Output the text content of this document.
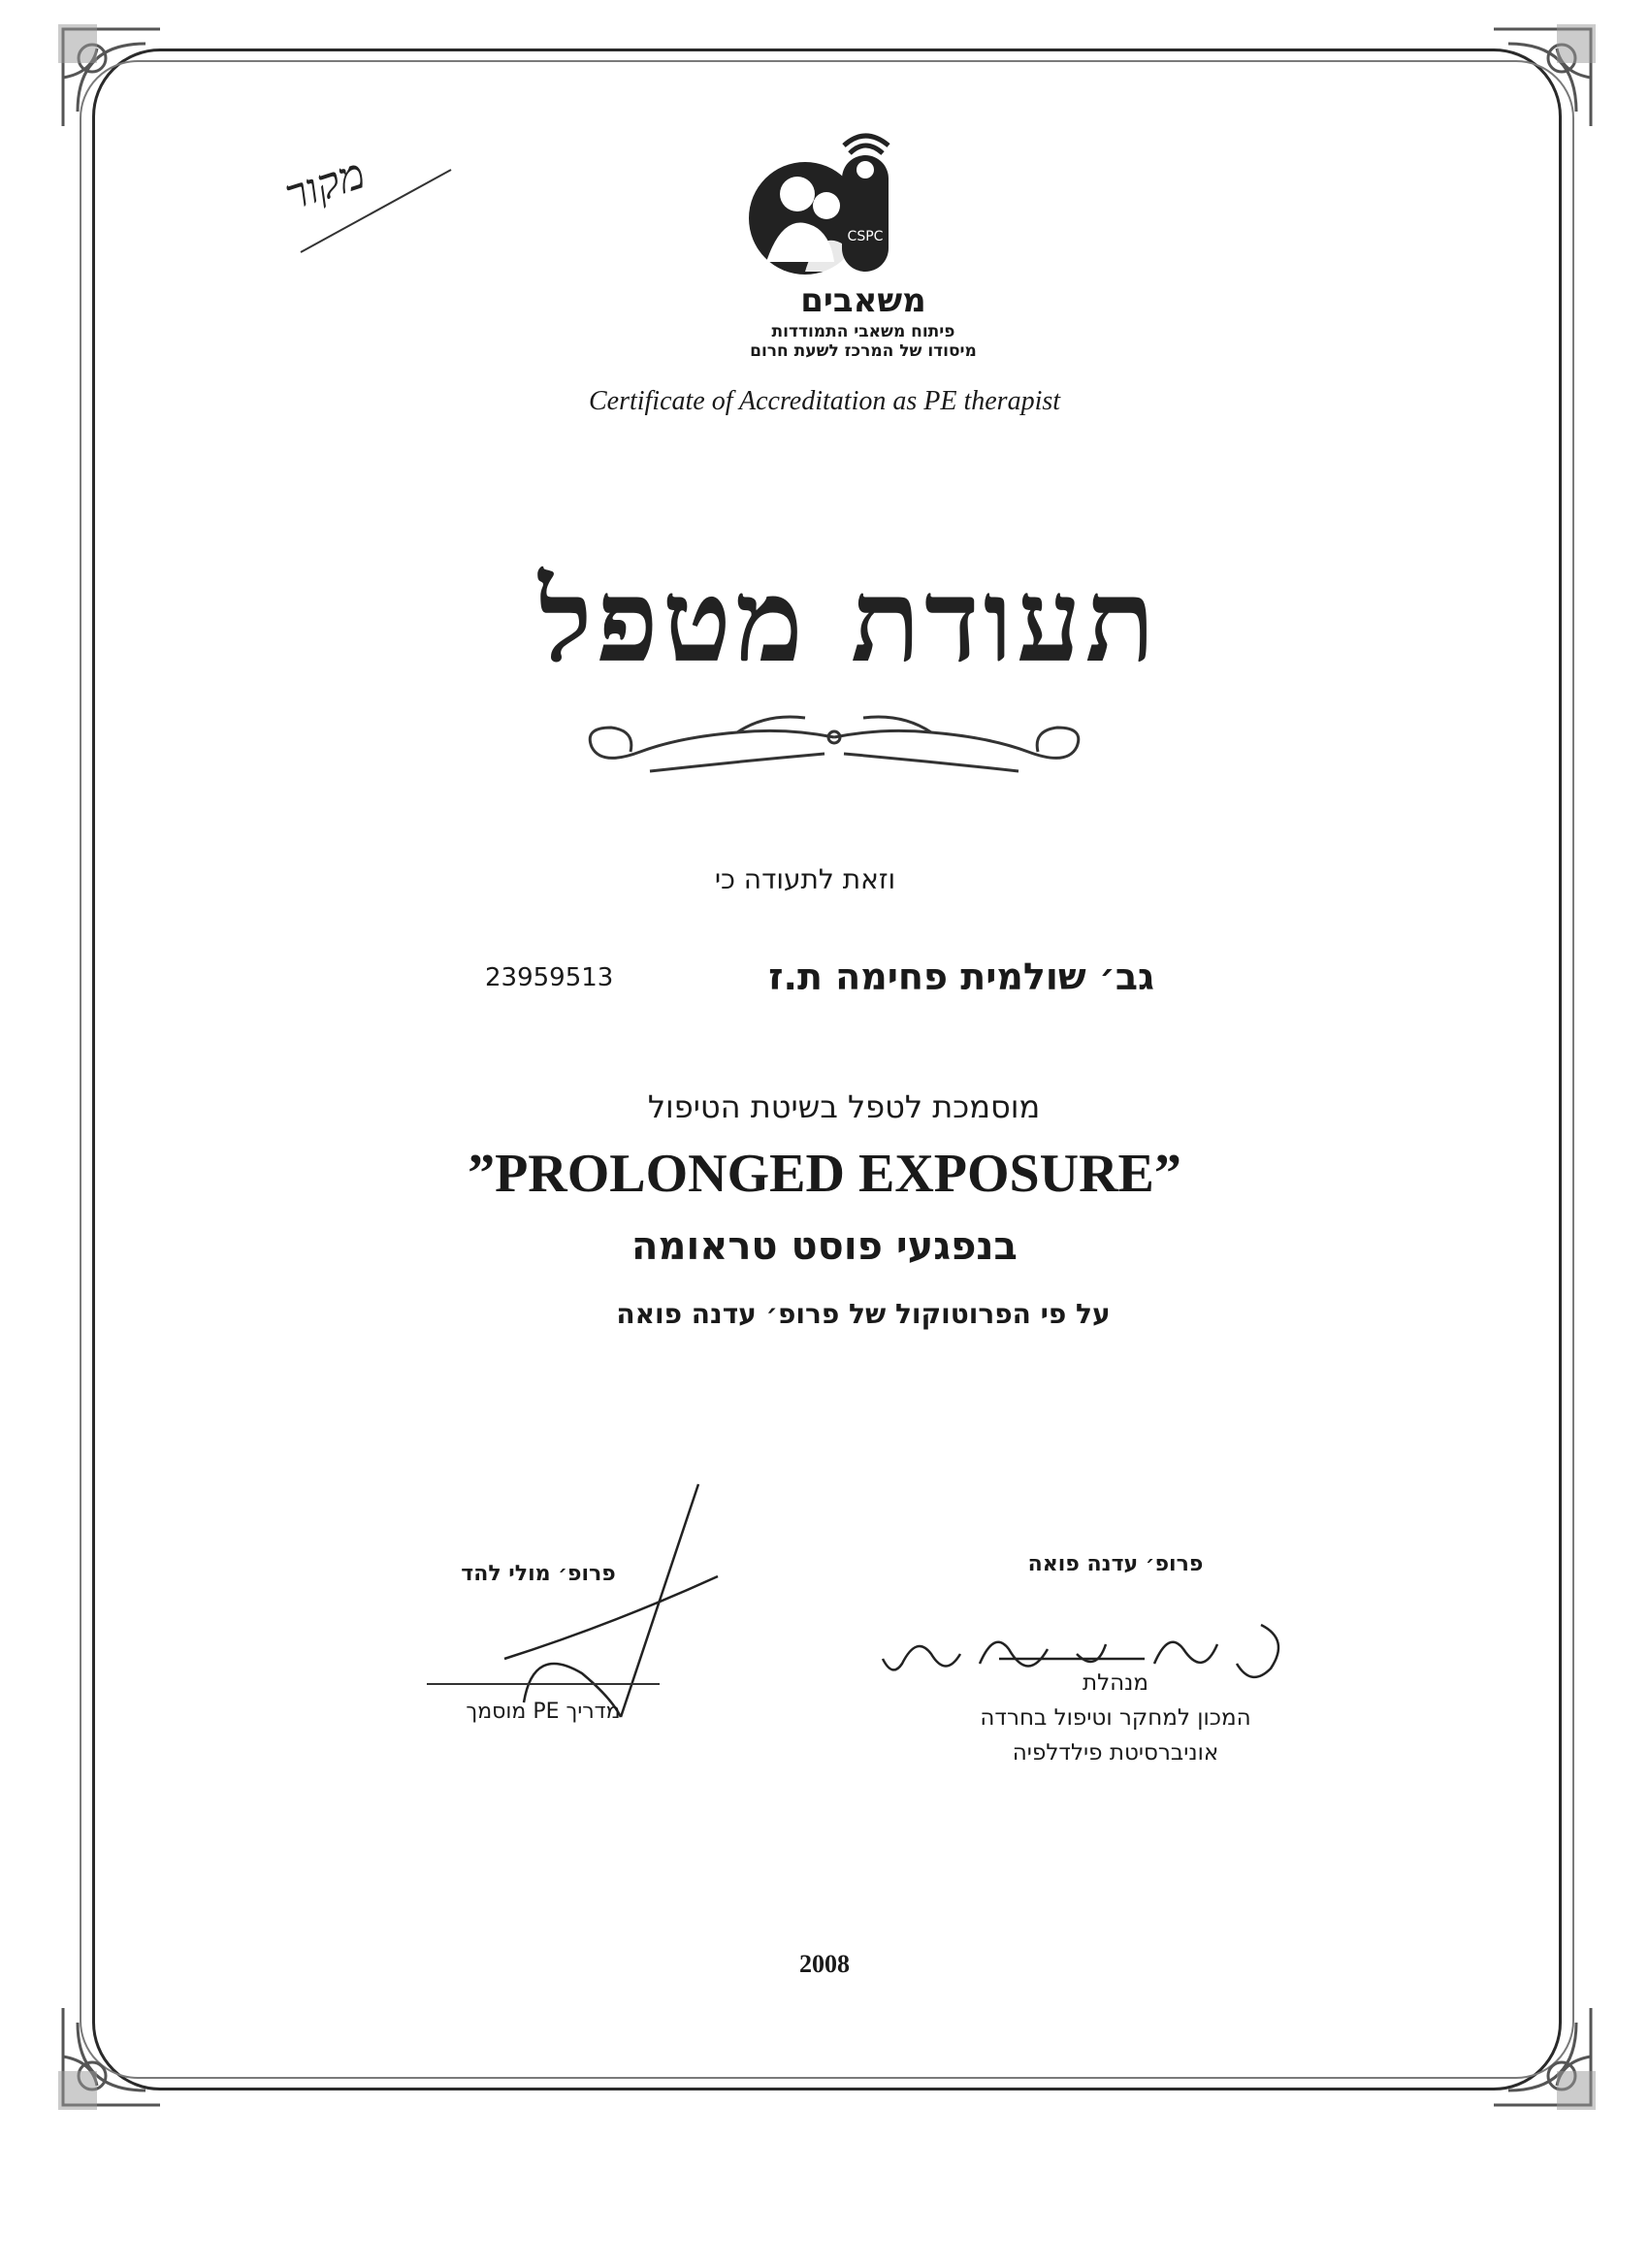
מקור
CSPC
משאבים
פיתוח משאבי התמודדות
מיסודו של המרכז לשעת חרום
Certificate of Accreditation as PE therapist
תעודת מטפל
וזאת לתעודה כי
גב׳ שולמית פחימה ת.ז
23959513
מוסמכת לטפל בשיטת הטיפול
”PROLONGED EXPOSURE”
בנפגעי פוסט טראומה
על פי הפרוטוקול של פרופ׳ עדנה פואה
פרופ׳ מולי להד
מדריך PE מוסמך
פרופ׳ עדנה פואה
מנהלת
המכון למחקר וטיפול בחרדה
אוניברסיטת פילדלפיה
2008
